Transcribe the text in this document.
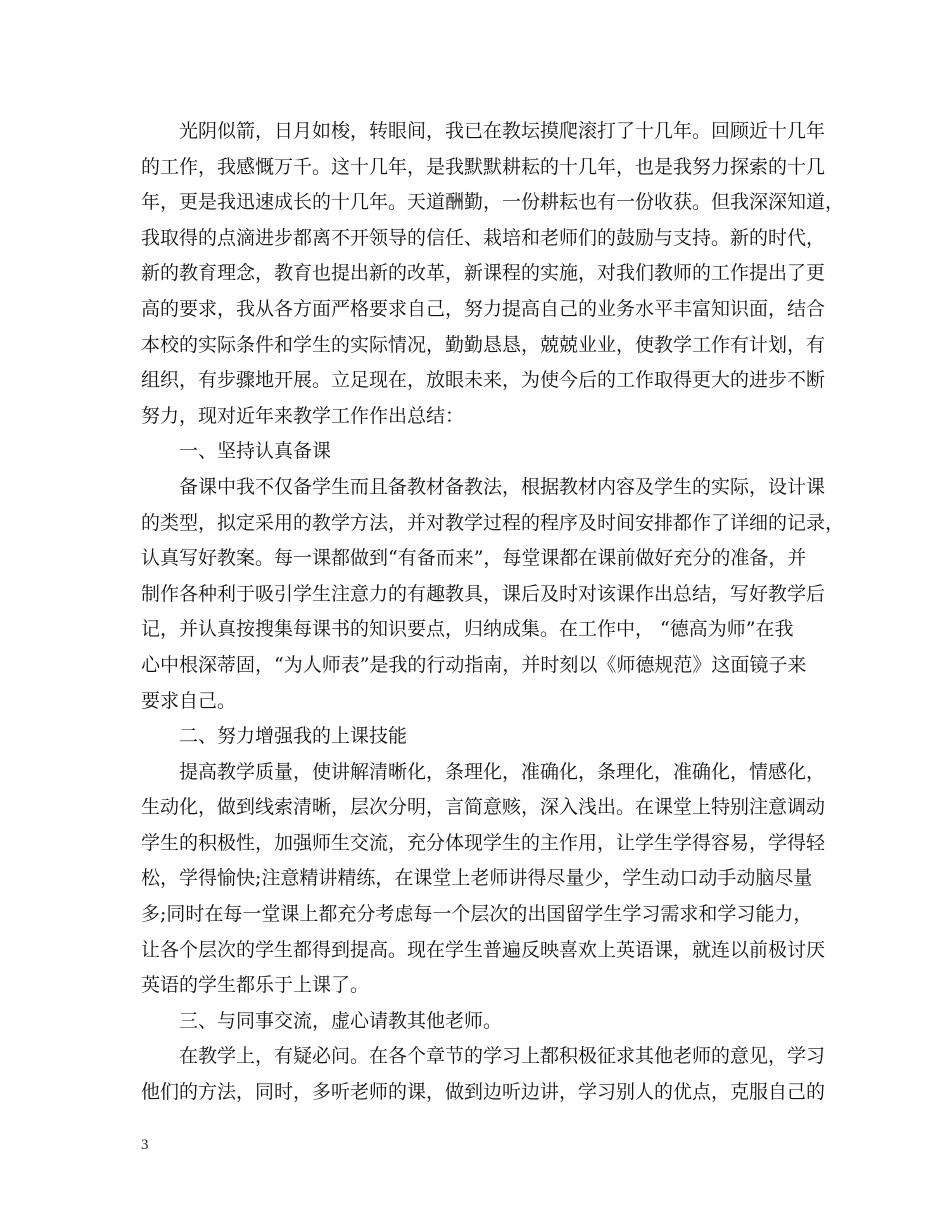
光阴似箭，日月如梭，转眼间，我已在教坛摸爬滚打了十几年。回顾近十几年
的工作，我感慨万千。这十几年，是我默默耕耘的十几年，也是我努力探索的十几
年，更是我迅速成长的十几年。天道酬勤，一份耕耘也有一份收获。但我深深知道，
我取得的点滴进步都离不开领导的信任、栽培和老师们的鼓励与支持。新的时代，
新的教育理念，教育也提出新的改革，新课程的实施，对我们教师的工作提出了更
高的要求，我从各方面严格要求自己，努力提高自己的业务水平丰富知识面，结合
本校的实际条件和学生的实际情况，勤勤恳恳，兢兢业业，使教学工作有计划，有
组织，有步骤地开展。立足现在，放眼未来，为使今后的工作取得更大的进步不断
努力，现对近年来教学工作作出总结：
一、坚持认真备课
备课中我不仅备学生而且备教材备教法，根据教材内容及学生的实际，设计课
的类型，拟定采用的教学方法，并对教学过程的程序及时间安排都作了详细的记录，
认真写好教案。每一课都做到“有备而来”，每堂课都在课前做好充分的准备，并
制作各种利于吸引学生注意力的有趣教具，课后及时对该课作出总结，写好教学后
记，并认真按搜集每课书的知识要点，归纳成集。在工作中， “德高为师”在我
心中根深蒂固，“为人师表”是我的行动指南，并时刻以《师德规范》这面镜子来
要求自己。
二、努力增强我的上课技能
提高教学质量，使讲解清晰化，条理化，准确化，条理化，准确化，情感化，
生动化，做到线索清晰，层次分明，言简意赅，深入浅出。在课堂上特别注意调动
学生的积极性，加强师生交流，充分体现学生的主作用，让学生学得容易，学得轻
松，学得愉快;注意精讲精练，在课堂上老师讲得尽量少，学生动口动手动脑尽量
多;同时在每一堂课上都充分考虑每一个层次的出国留学生学习需求和学习能力，
让各个层次的学生都得到提高。现在学生普遍反映喜欢上英语课，就连以前极讨厌
英语的学生都乐于上课了。
三、与同事交流，虚心请教其他老师。
在教学上，有疑必问。在各个章节的学习上都积极征求其他老师的意见，学习
他们的方法，同时，多听老师的课，做到边听边讲，学习别人的优点，克服自己的
3
